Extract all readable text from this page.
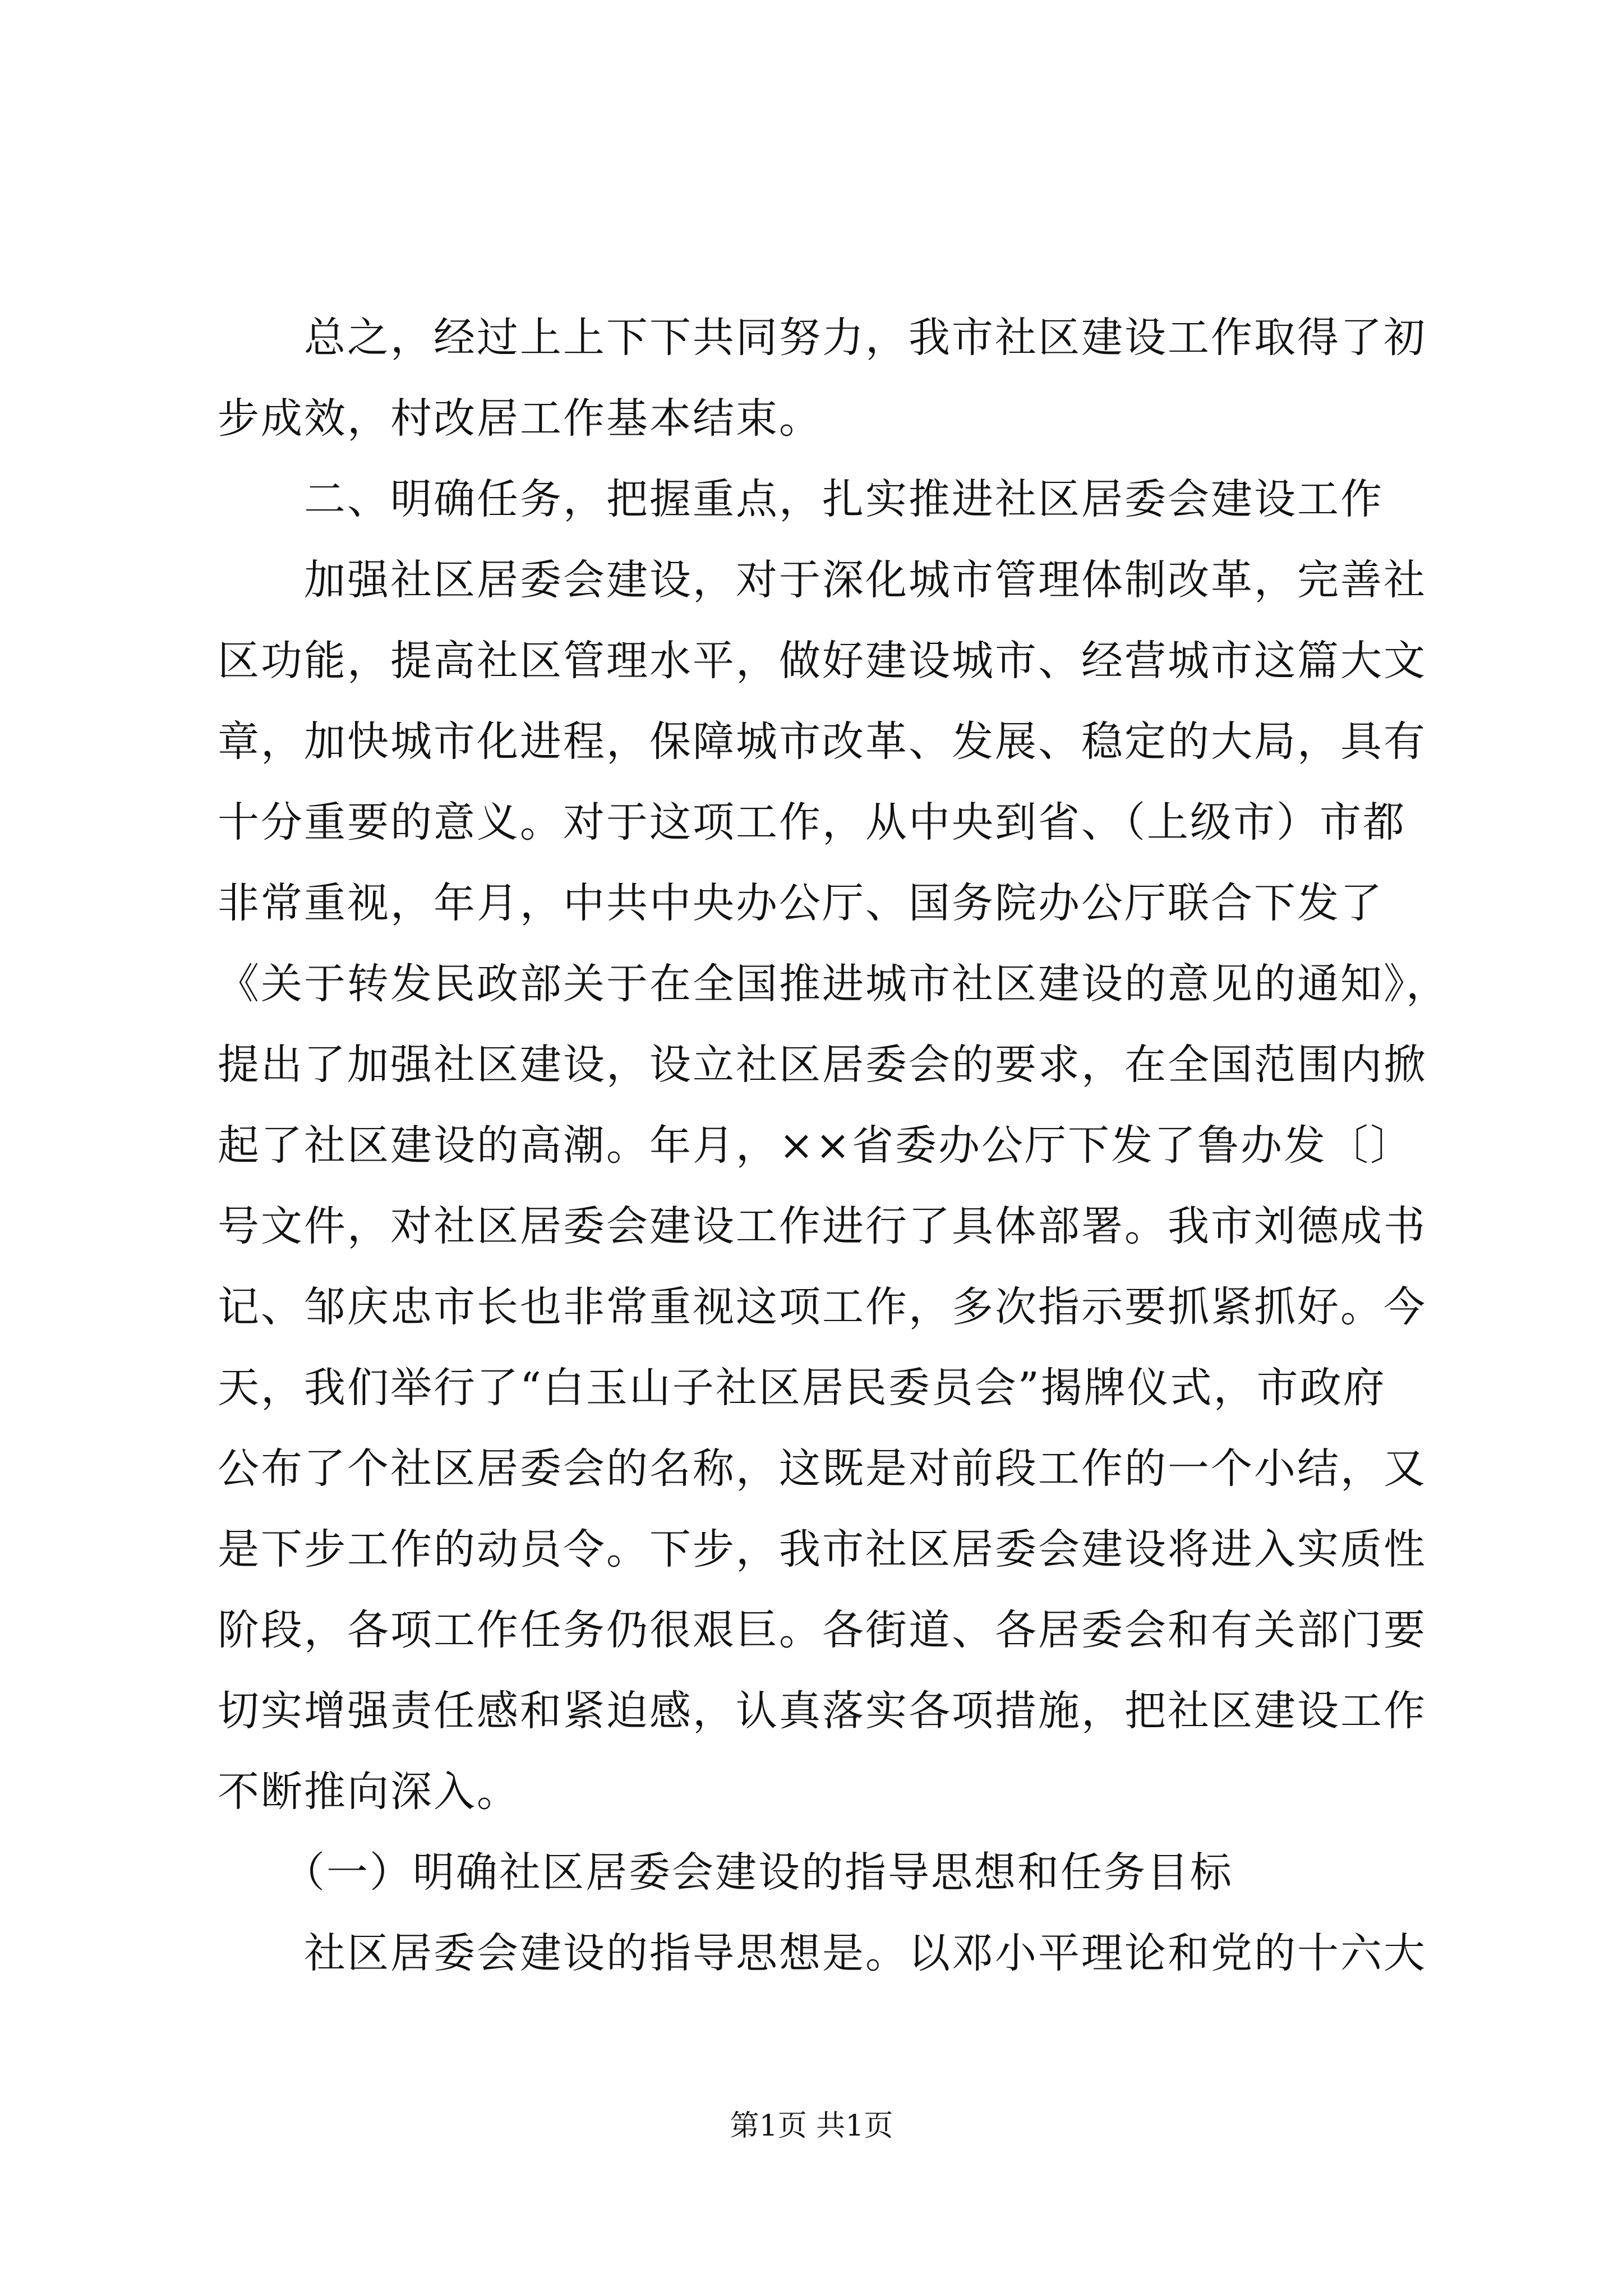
　　总之，经过上上下下共同努力，我市社区建设工作取得了初
步成效，村改居工作基本结束。
　　二、明确任务，把握重点，扎实推进社区居委会建设工作
　　加强社区居委会建设，对于深化城市管理体制改革，完善社
区功能，提高社区管理水平，做好建设城市、经营城市这篇大文
章，加快城市化进程，保障城市改革、发展、稳定的大局，具有
十分重要的意义。对于这项工作，从中央到省、（上级市）市都
非常重视，年月，中共中央办公厅、国务院办公厅联合下发了
《关于转发民政部关于在全国推进城市社区建设的意见的通知》，
提出了加强社区建设，设立社区居委会的要求，在全国范围内掀
起了社区建设的高潮。年月，××省委办公厅下发了鲁办发〔〕
号文件，对社区居委会建设工作进行了具体部署。我市刘德成书
记、邹庆忠市长也非常重视这项工作，多次指示要抓紧抓好。今
天，我们举行了“白玉山子社区居民委员会”揭牌仪式，市政府
公布了个社区居委会的名称，这既是对前段工作的一个小结，又
是下步工作的动员令。下步，我市社区居委会建设将进入实质性
阶段，各项工作任务仍很艰巨。各街道、各居委会和有关部门要
切实增强责任感和紧迫感，认真落实各项措施，把社区建设工作
不断推向深入。
　　（一）明确社区居委会建设的指导思想和任务目标
　　社区居委会建设的指导思想是。以邓小平理论和党的十六大
第1页 共1页
